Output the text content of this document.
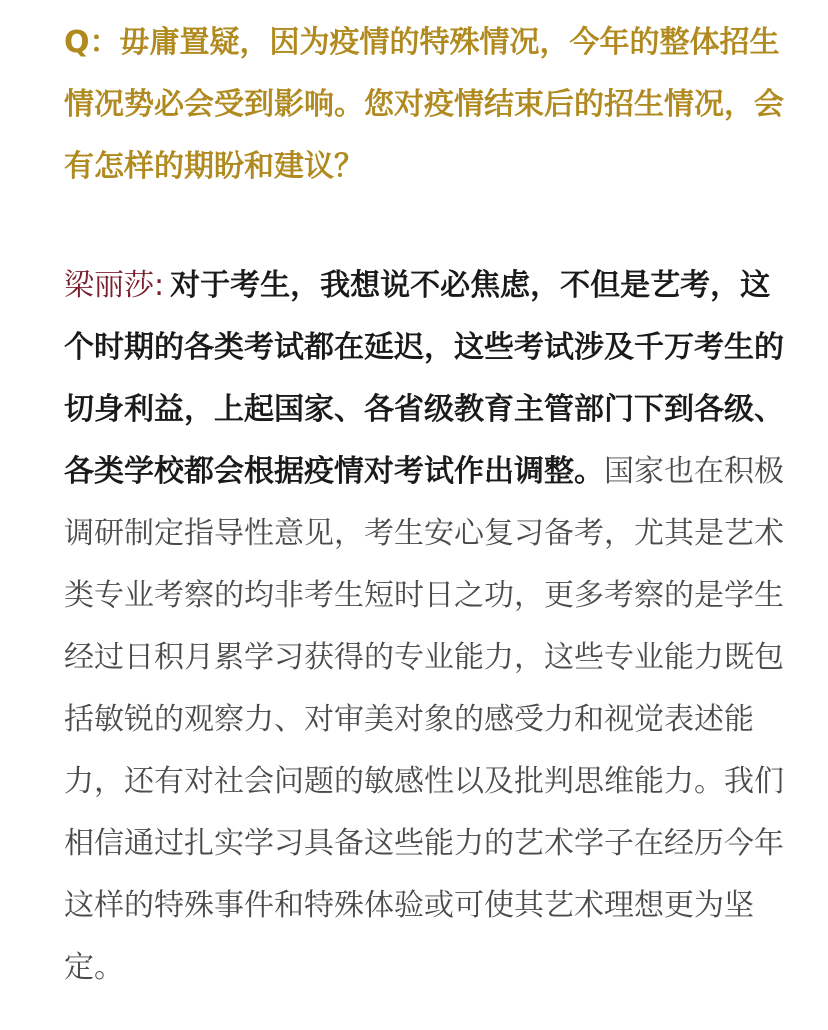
Q：毋庸置疑，因为疫情的特殊情况，今年的整体招生情况势必会受到影响。您对疫情结束后的招生情况，会有怎样的期盼和建议？

梁丽莎: 对于考生，我想说不必焦虑，不但是艺考，这个时期的各类考试都在延迟，这些考试涉及千万考生的切身利益，上起国家、各省级教育主管部门下到各级、各类学校都会根据疫情对考试作出调整。国家也在积极调研制定指导性意见，考生安心复习备考，尤其是艺术类专业考察的均非考生短时日之功，更多考察的是学生经过日积月累学习获得的专业能力，这些专业能力既包括敏锐的观察力、对审美对象的感受力和视觉表述能力，还有对社会问题的敏感性以及批判思维能力。我们相信通过扎实学习具备这些能力的艺术学子在经历今年这样的特殊事件和特殊体验或可使其艺术理想更为坚定。
